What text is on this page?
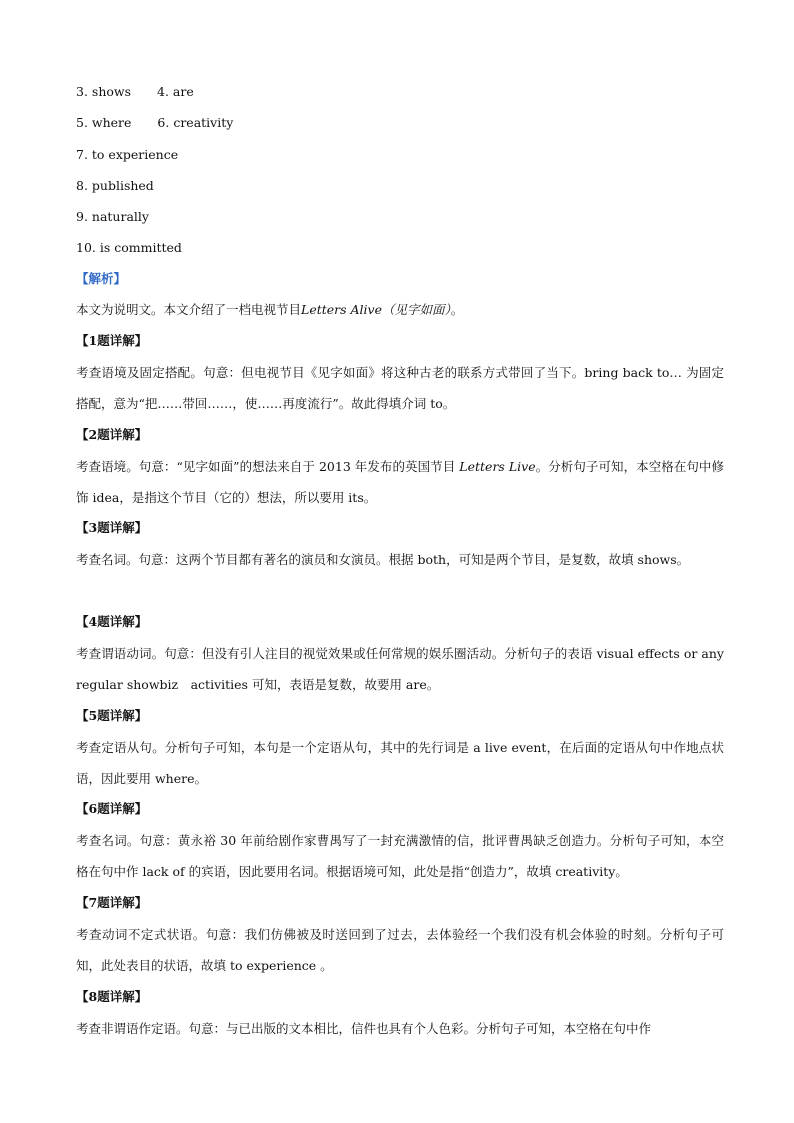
3. shows 4. are
5. where 6. creativity
7. to experience
8. published
9. naturally
10. is committed
【解析】
本文为说明文。本文介绍了一档电视节目Letters Alive（见字如面）。
【1题详解】
考查语境及固定搭配。句意：但电视节目《见字如面》将这种古老的联系方式带回了当下。bring back to… 为固定搭配，意为“把……带回……，使……再度流行”。故此得填介词 to。
【2题详解】
考查语境。句意：“见字如面”的想法来自于 2013 年发布的英国节目 Letters Live。分析句子可知，本空格在句中修饰 idea，是指这个节目（它的）想法，所以要用 its。
【3题详解】
考查名词。句意：这两个节目都有著名的演员和女演员。根据 both，可知是两个节目，是复数，故填 shows。
【4题详解】
考查谓语动词。句意：但没有引人注目的视觉效果或任何常规的娱乐圈活动。分析句子的表语 visual effects or any regular showbiz　activities 可知，表语是复数，故要用 are。
【5题详解】
考查定语从句。分析句子可知，本句是一个定语从句，其中的先行词是 a live event，在后面的定语从句中作地点状语，因此要用 where。
【6题详解】
考查名词。句意：黄永裕 30 年前给剧作家曹禺写了一封充满激情的信，批评曹禺缺乏创造力。分析句子可知，本空格在句中作 lack of 的宾语，因此要用名词。根据语境可知，此处是指“创造力”，故填 creativity。
【7题详解】
考查动词不定式状语。句意：我们仿佛被及时送回到了过去，去体验经一个我们没有机会体验的时刻。分析句子可知，此处表目的状语，故填 to experience 。
【8题详解】
考查非谓语作定语。句意：与已出版的文本相比，信件也具有个人色彩。分析句子可知，本空格在句中作
